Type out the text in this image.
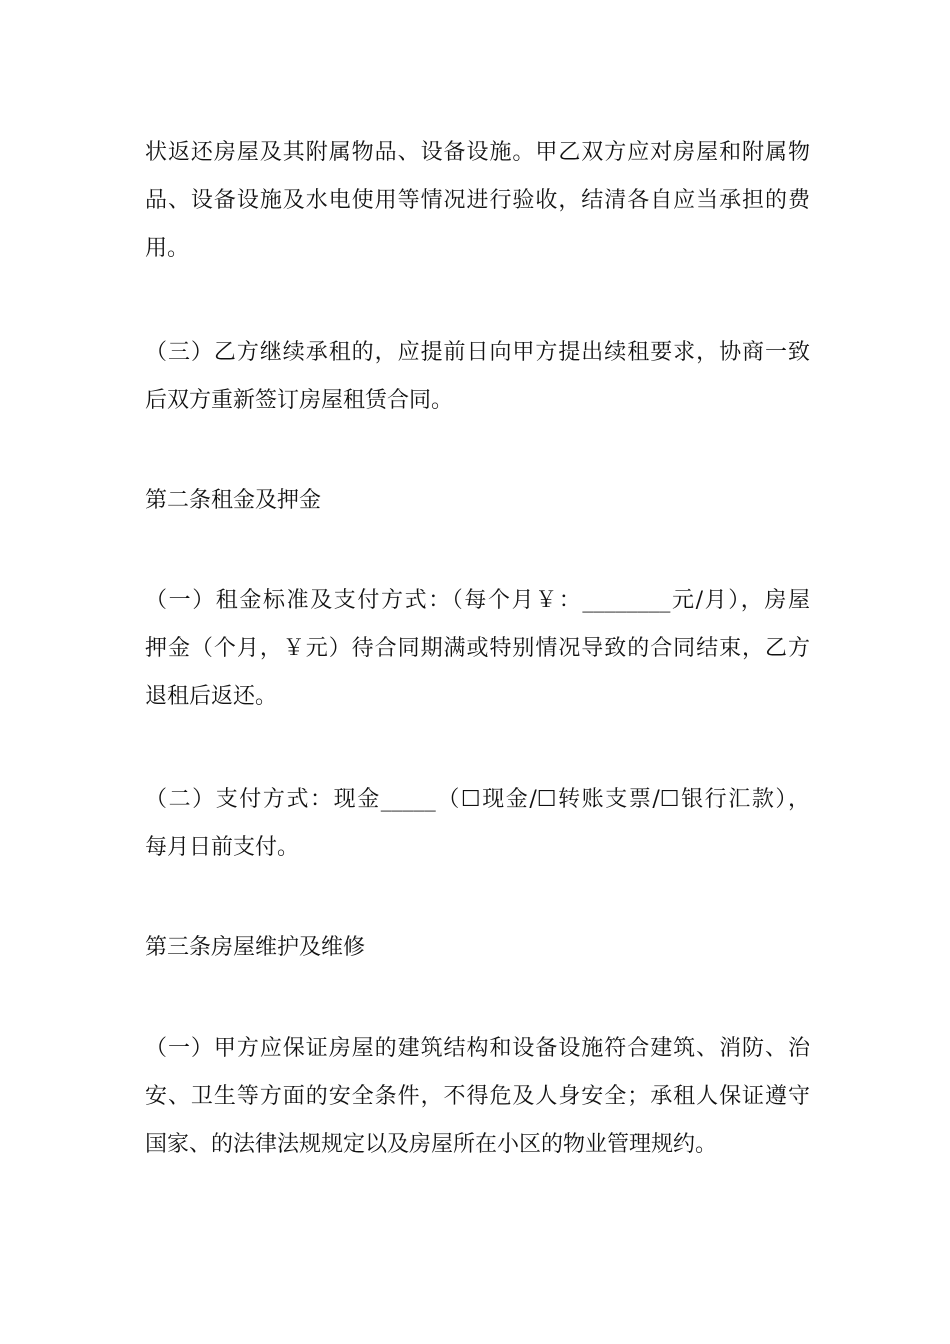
状返还房屋及其附属物品、设备设施。甲乙双方应对房屋和附属物
品、设备设施及水电使用等情况进行验收，结清各自应当承担的费
用。
（三）乙方继续承租的，应提前日向甲方提出续租要求，协商一致
后双方重新签订房屋租赁合同。
第二条租金及押金
（一）租金标准及支付方式：（每个月￥：________元/月），房屋
押金（个月，￥元）待合同期满或特别情况导致的合同结束，乙方
退租后返还。
（二）支付方式：现金_____（☐现金/☐转账支票/☐银行汇款），
每月日前支付。
第三条房屋维护及维修
（一）甲方应保证房屋的建筑结构和设备设施符合建筑、消防、治
安、卫生等方面的安全条件，不得危及人身安全；承租人保证遵守
国家、的法律法规规定以及房屋所在小区的物业管理规约。
